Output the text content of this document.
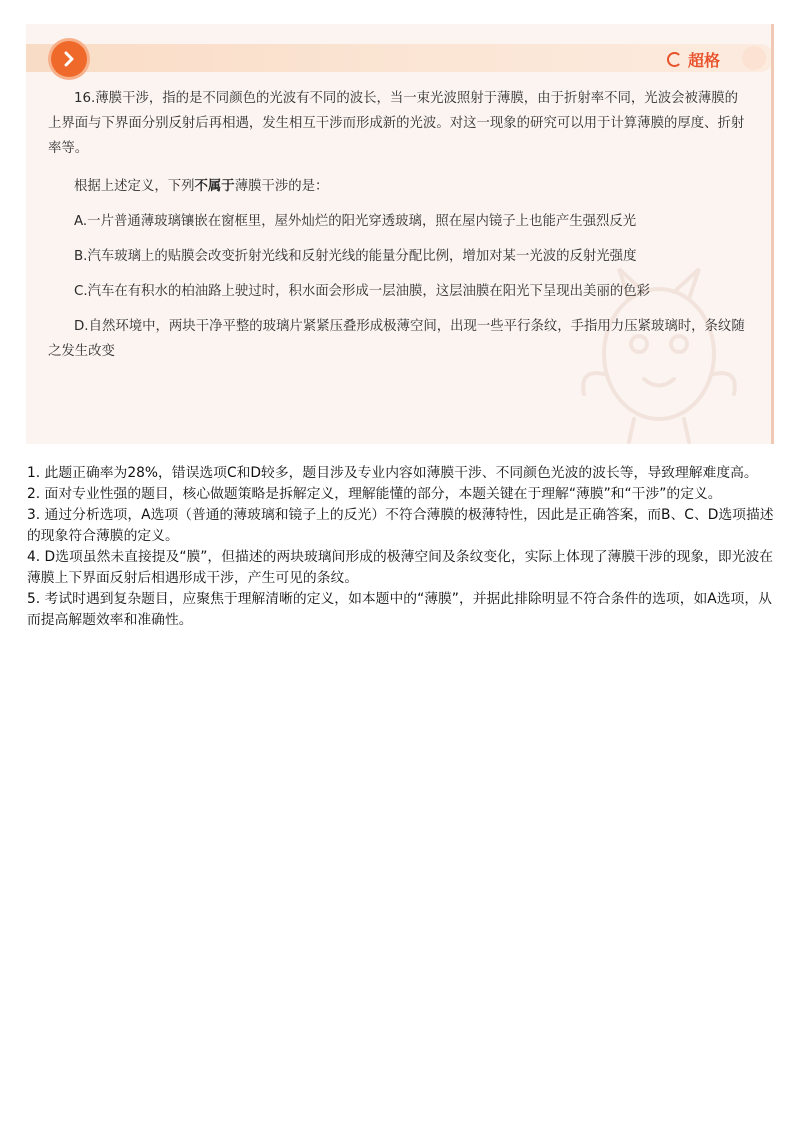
超格

16.薄膜干涉，指的是不同颜色的光波有不同的波长，当一束光波照射于薄膜，由于折射率不同，光波会被薄膜的上界面与下界面分别反射后再相遇，发生相互干涉而形成新的光波。对这一现象的研究可以用于计算薄膜的厚度、折射率等。

根据上述定义，下列不属于薄膜干涉的是：

A.一片普通薄玻璃镶嵌在窗框里，屋外灿烂的阳光穿透玻璃，照在屋内镜子上也能产生强烈反光

B.汽车玻璃上的贴膜会改变折射光线和反射光线的能量分配比例，增加对某一光波的反射光强度

C.汽车在有积水的柏油路上驶过时，积水面会形成一层油膜，这层油膜在阳光下呈现出美丽的色彩

D.自然环境中，两块干净平整的玻璃片紧紧压叠形成极薄空间，出现一些平行条纹，手指用力压紧玻璃时，条纹随之发生改变

1. 此题正确率为28%，错误选项C和D较多，题目涉及专业内容如薄膜干涉、不同颜色光波的波长等，导致理解难度高。

2. 面对专业性强的题目，核心做题策略是拆解定义，理解能懂的部分，本题关键在于理解“薄膜”和“干涉”的定义。

3. 通过分析选项，A选项（普通的薄玻璃和镜子上的反光）不符合薄膜的极薄特性，因此是正确答案，而B、C、D选项描述的现象符合薄膜的定义。

4. D选项虽然未直接提及“膜”，但描述的两块玻璃间形成的极薄空间及条纹变化，实际上体现了薄膜干涉的现象，即光波在薄膜上下界面反射后相遇形成干涉，产生可见的条纹。

5. 考试时遇到复杂题目，应聚焦于理解清晰的定义，如本题中的“薄膜”，并据此排除明显不符合条件的选项，如A选项，从而提高解题效率和准确性。
